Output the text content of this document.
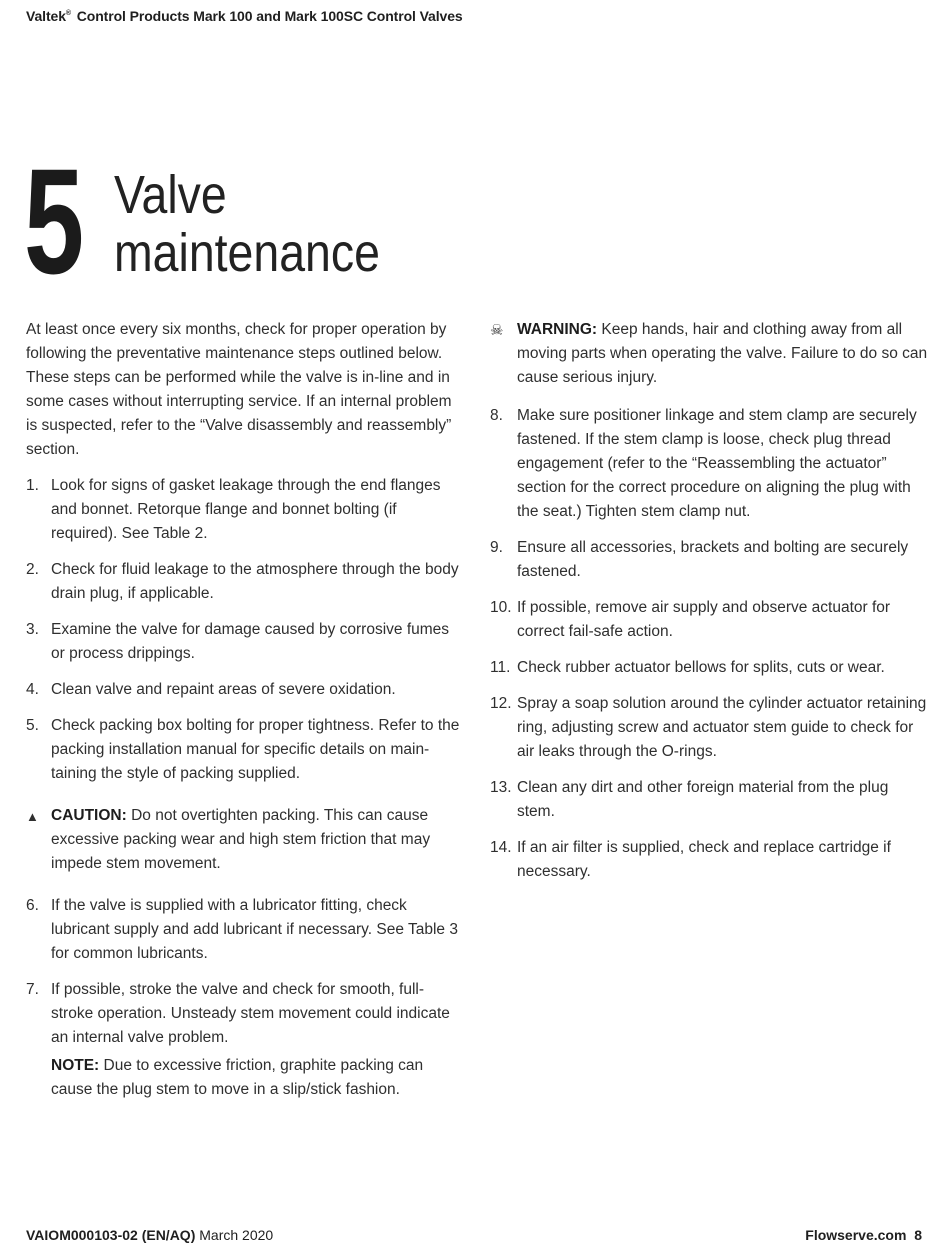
Valtek® Control Products Mark 100 and Mark 100SC Control Valves
5 Valve
maintenance

At least once every six months, check for proper operation by following the preventative maintenance steps outlined below. These steps can be performed while the valve is in-line and in some cases without interrupting service. If an internal problem is suspected, refer to the “Valve disassembly and reassembly” section.

1. Look for signs of gasket leakage through the end flanges and bonnet. Retorque flange and bonnet bolting (if required). See Table 2.
2. Check for fluid leakage to the atmosphere through the body drain plug, if applicable.
3. Examine the valve for damage caused by corrosive fumes or process drippings.
4. Clean valve and repaint areas of severe oxidation.
5. Check packing box bolting for proper tightness. Refer to the packing installation manual for specific details on main-taining the style of packing supplied.
▲ CAUTION: Do not overtighten packing. This can cause excessive packing wear and high stem friction that may impede stem movement.
6. If the valve is supplied with a lubricator fitting, check lubricant supply and add lubricant if necessary. See Table 3 for common lubricants.
7. If possible, stroke the valve and check for smooth, full-stroke operation. Unsteady stem movement could indicate an internal valve problem.
NOTE: Due to excessive friction, graphite packing can cause the plug stem to move in a slip/stick fashion.
☠ WARNING: Keep hands, hair and clothing away from all moving parts when operating the valve. Failure to do so can cause serious injury.
8. Make sure positioner linkage and stem clamp are securely fastened. If the stem clamp is loose, check plug thread engagement (refer to the “Reassembling the actuator” section for the correct procedure on aligning the plug with the seat.) Tighten stem clamp nut.
9. Ensure all accessories, brackets and bolting are securely fastened.
10. If possible, remove air supply and observe actuator for correct fail-safe action.
11. Check rubber actuator bellows for splits, cuts or wear.
12. Spray a soap solution around the cylinder actuator retaining ring, adjusting screw and actuator stem guide to check for air leaks through the O-rings.
13. Clean any dirt and other foreign material from the plug stem.
14. If an air filter is supplied, check and replace cartridge if necessary.
VAIOM000103-02 (EN/AQ) March 2020	Flowserve.com 8
